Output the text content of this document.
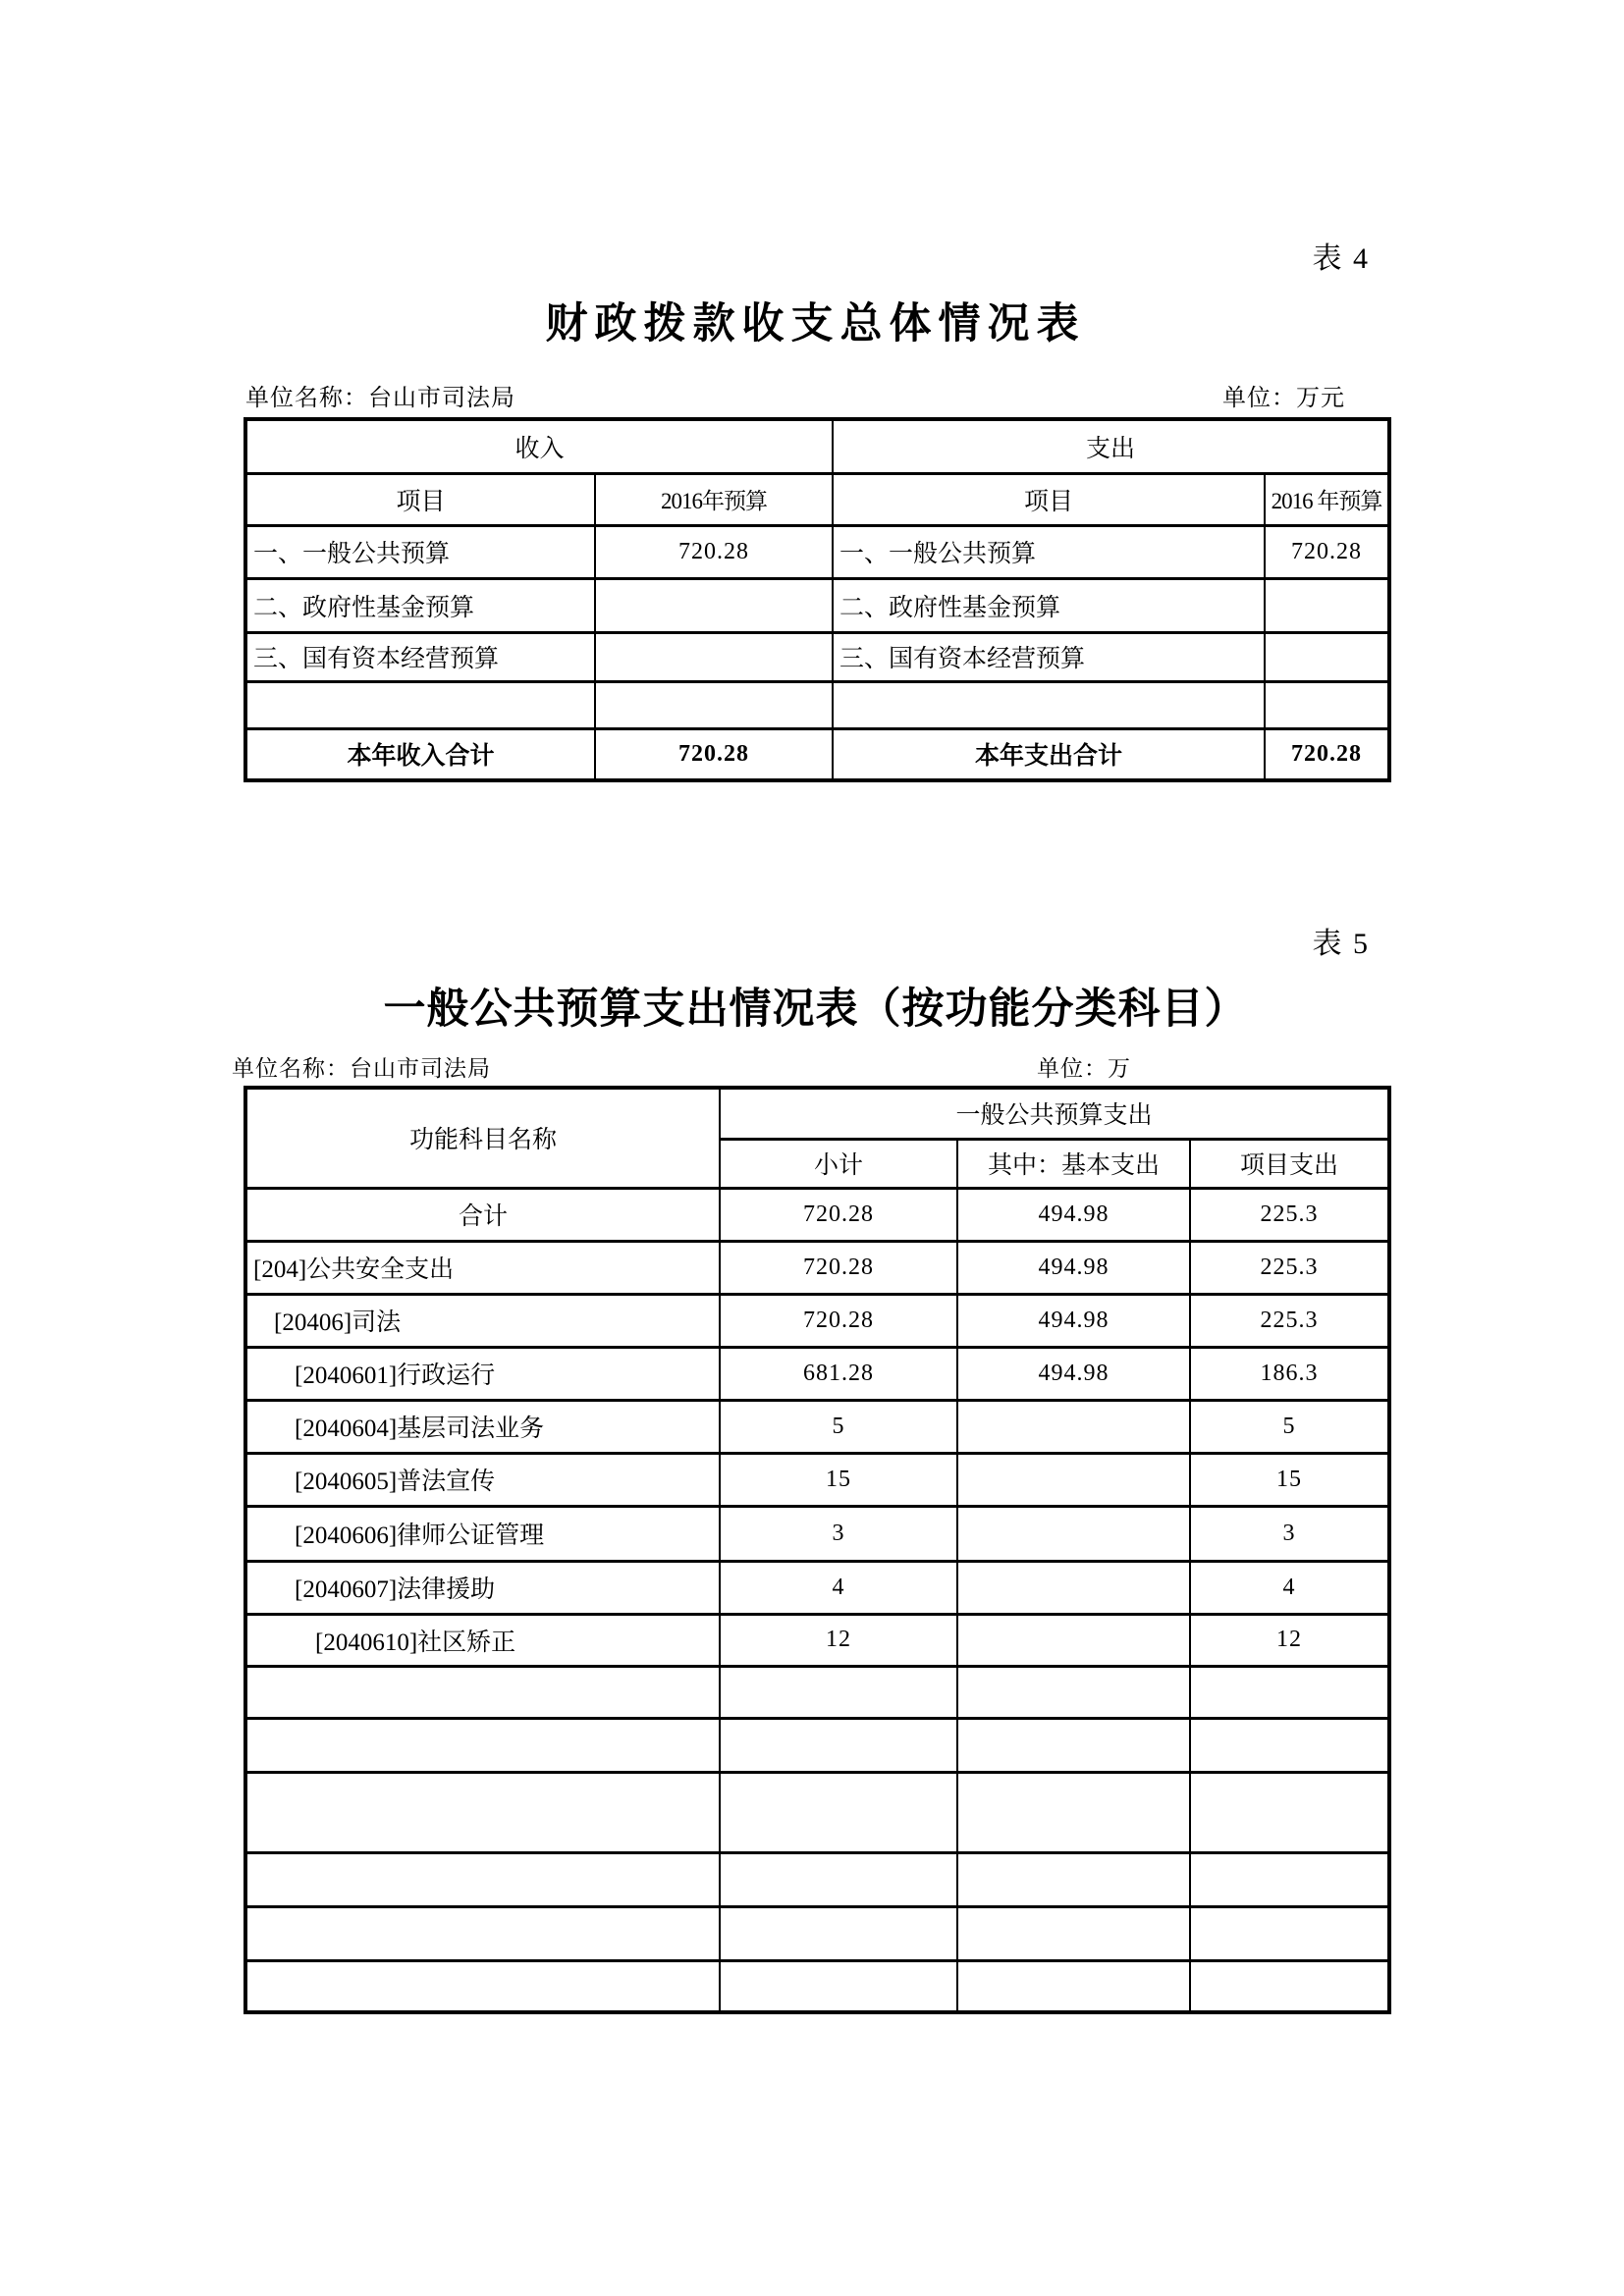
表 4
财政拨款收支总体情况表
单位名称：台山市司法局	单位：万元
收入		支出	
项目	2016年预算	项目	2016 年预算
一、一般公共预算	720.28	一、一般公共预算	720.28
二、政府性基金预算		二、政府性基金预算	
三、国有资本经营预算		三、国有资本经营预算	

本年收入合计	720.28	本年支出合计	720.28
表 5
一般公共预算支出情况表（按功能分类科目）
单位名称：台山市司法局	单位：万
功能科目名称	一般公共预算支出		
	小计	其中：基本支出	项目支出
合计	720.28	494.98	225.3
[204]公共安全支出	720.28	494.98	225.3
[20406]司法	720.28	494.98	225.3
[2040601]行政运行	681.28	494.98	186.3
[2040604]基层司法业务	5		5
[2040605]普法宣传	15		15
[2040606]律师公证管理	3		3
[2040607]法律援助	4		4
[2040610]社区矫正	12		12
